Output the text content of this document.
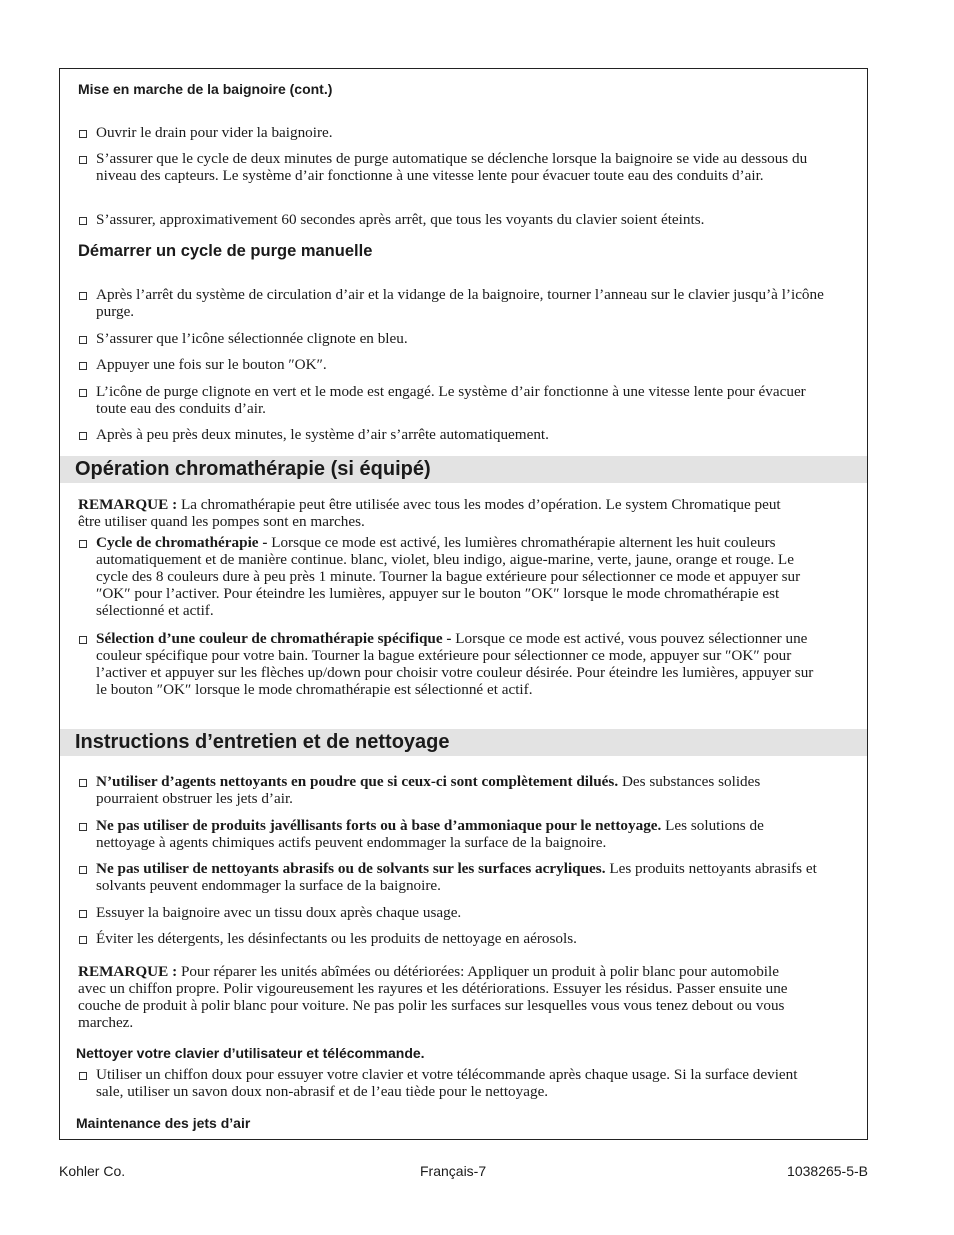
Mise en marche de la baignoire (cont.)
Ouvrir le drain pour vider la baignoire.
S’assurer que le cycle de deux minutes de purge automatique se déclenche lorsque la baignoire se vide au dessous du niveau des capteurs. Le système d’air fonctionne à une vitesse lente pour évacuer toute eau des conduits d’air.
S’assurer, approximativement 60 secondes après arrêt, que tous les voyants du clavier soient éteints.
Démarrer un cycle de purge manuelle
Après l’arrêt du système de circulation d’air et la vidange de la baignoire, tourner l’anneau sur le clavier jusqu’à l’icône purge.
S’assurer que l’icône sélectionnée clignote en bleu.
Appuyer une fois sur le bouton ″OK″.
L’icône de purge clignote en vert et le mode est engagé. Le système d’air fonctionne à une vitesse lente pour évacuer toute eau des conduits d’air.
Après à peu près deux minutes, le système d’air s’arrête automatiquement.
Opération chromathérapie (si équipé)
REMARQUE : La chromathérapie peut être utilisée avec tous les modes d’opération. Le system Chromatique peut être utiliser quand les pompes sont en marches.
Cycle de chromathérapie - Lorsque ce mode est activé, les lumières chromathérapie alternent les huit couleurs automatiquement et de manière continue. blanc, violet, bleu indigo, aigue-marine, verte, jaune, orange et rouge. Le cycle des 8 couleurs dure à peu près 1 minute. Tourner la bague extérieure pour sélectionner ce mode et appuyer sur ″OK″ pour l’activer. Pour éteindre les lumières, appuyer sur le bouton ″OK″ lorsque le mode chromathérapie est sélectionné et actif.
Sélection d’une couleur de chromathérapie spécifique - Lorsque ce mode est activé, vous pouvez sélectionner une couleur spécifique pour votre bain. Tourner la bague extérieure pour sélectionner ce mode, appuyer sur ″OK″ pour l’activer et appuyer sur les flèches up/down pour choisir votre couleur désirée. Pour éteindre les lumières, appuyer sur le bouton ″OK″ lorsque le mode chromathérapie est sélectionné et actif.
Instructions d’entretien et de nettoyage
N’utiliser d’agents nettoyants en poudre que si ceux-ci sont complètement dilués. Des substances solides pourraient obstruer les jets d’air.
Ne pas utiliser de produits javéllisants forts ou à base d’ammoniaque pour le nettoyage. Les solutions de nettoyage à agents chimiques actifs peuvent endommager la surface de la baignoire.
Ne pas utiliser de nettoyants abrasifs ou de solvants sur les surfaces acryliques. Les produits nettoyants abrasifs et solvants peuvent endommager la surface de la baignoire.
Essuyer la baignoire avec un tissu doux après chaque usage.
Éviter les détergents, les désinfectants ou les produits de nettoyage en aérosols.
REMARQUE : Pour réparer les unités abîmées ou détériorées: Appliquer un produit à polir blanc pour automobile avec un chiffon propre. Polir vigoureusement les rayures et les détériorations. Essuyer les résidus. Passer ensuite une couche de produit à polir blanc pour voiture. Ne pas polir les surfaces sur lesquelles vous vous tenez debout ou vous marchez.
Nettoyer votre clavier d’utilisateur et télécommande.
Utiliser un chiffon doux pour essuyer votre clavier et votre télécommande après chaque usage. Si la surface devient sale, utiliser un savon doux non-abrasif et de l’eau tiède pour le nettoyage.
Maintenance des jets d’air
Kohler Co.	Français-7	1038265-5-B
